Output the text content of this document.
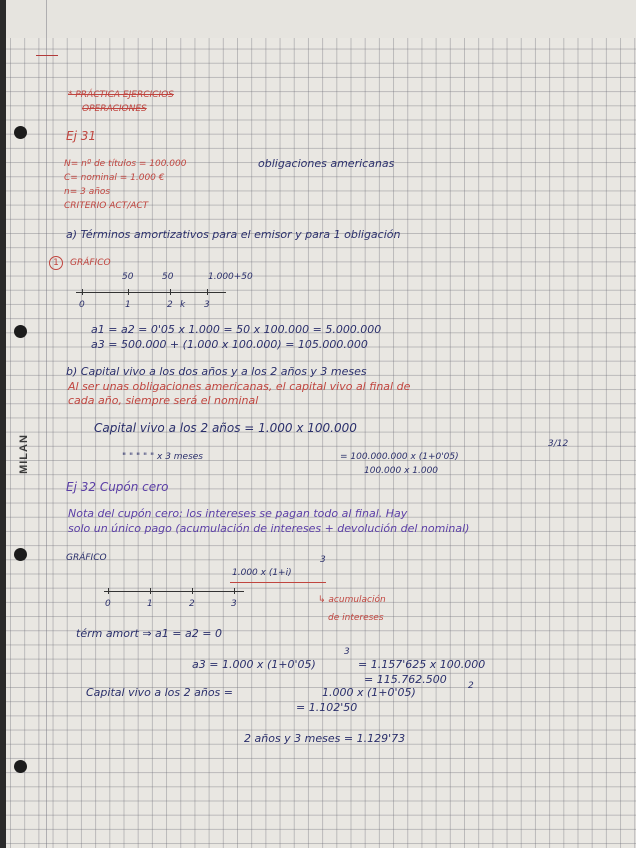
MILAN
* PRÁCTICA EJERCICIOS
OPERACIONES
Ej 31
N= nº de títulos = 100.000	obligaciones americanas
C= nominal = 1.000 €
n= 3 años
CRITERIO ACT/ACT
a) Términos amortizativos para el emisor y para 1 obligación
1	GRÁFICO
50	50	1.000+50
0	1	2 k 3
a1 = a2 = 0'05 x 1.000 = 50 x 100.000 = 5.000.000
a3 = 500.000 + (1.000 x 100.000) = 105.000.000
b) Capital vivo a los dos años y a los 2 años y 3 meses
Al ser unas obligaciones americanas, el capital vivo al final de
cada año, siempre será el nominal
Capital vivo a los 2 años = 1.000 x 100.000
" " " " " x 3 meses	= 100.000.000 x (1+0'05)
3/12
100.000 x 1.000
Ej 32 Cupón cero
Nota del cupón cero: los intereses se pagan todo al final. Hay
solo un único pago (acumulación de intereses + devolución del nominal)
GRÁFICO
1.000 x (1+i)
3
0	1	2	3	↳ acumulación
de intereses
térm amort ⇒ a1 = a2 = 0
a3 = 1.000 x (1+0'05)
3
= 1.157'625 x 100.000
= 115.762.500
Capital vivo a los 2 años =	1.000 x (1+0'05)	2
= 1.102'50
2 años y 3 meses = 1.129'73
